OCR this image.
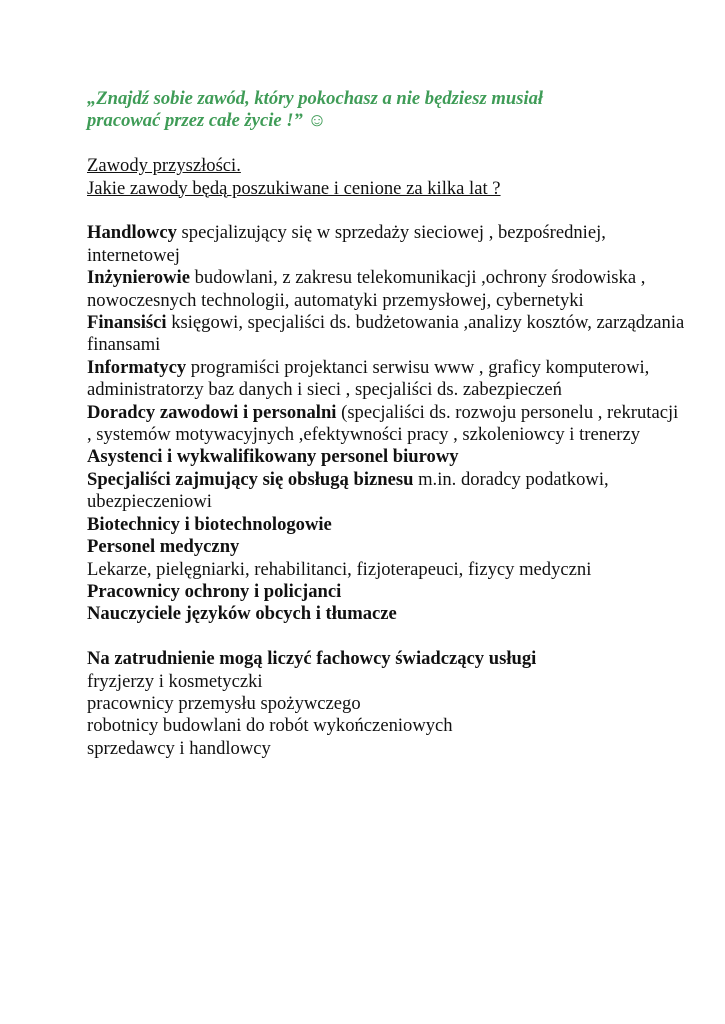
„Znajdź sobie zawód, który pokochasz a nie będziesz musiał
pracować przez całe życie !” ☺

Zawody przyszłości.
Jakie zawody będą poszukiwane i cenione za kilka lat ?
Handlowcy specjalizujący się w sprzedaży sieciowej , bezpośredniej, internetowej
Inżynierowie budowlani, z zakresu telekomunikacji ,ochrony środowiska , nowoczesnych technologii, automatyki przemysłowej, cybernetyki
Finansiści księgowi, specjaliści ds. budżetowania ,analizy kosztów, zarządzania finansami
Informatycy programiści projektanci serwisu www , graficy komputerowi, administratorzy baz danych i sieci , specjaliści ds. zabezpieczeń
Doradcy zawodowi i personalni (specjaliści ds. rozwoju personelu , rekrutacji , systemów motywacyjnych ,efektywności pracy , szkoleniowcy i trenerzy
Asystenci i wykwalifikowany personel biurowy
Specjaliści zajmujący się obsługą biznesu m.in. doradcy podatkowi, ubezpieczeniowi
Biotechnicy i biotechnologowie
Personel medyczny
Lekarze, pielęgniarki, rehabilitanci, fizjoterapeuci, fizycy medyczni
Pracownicy ochrony i policjanci
Nauczyciele języków obcych i tłumacze
Na zatrudnienie mogą liczyć fachowcy świadczący usługi
fryzjerzy i kosmetyczki
pracownicy przemysłu spożywczego
robotnicy budowlani do robót wykończeniowych
sprzedawcy i handlowcy
